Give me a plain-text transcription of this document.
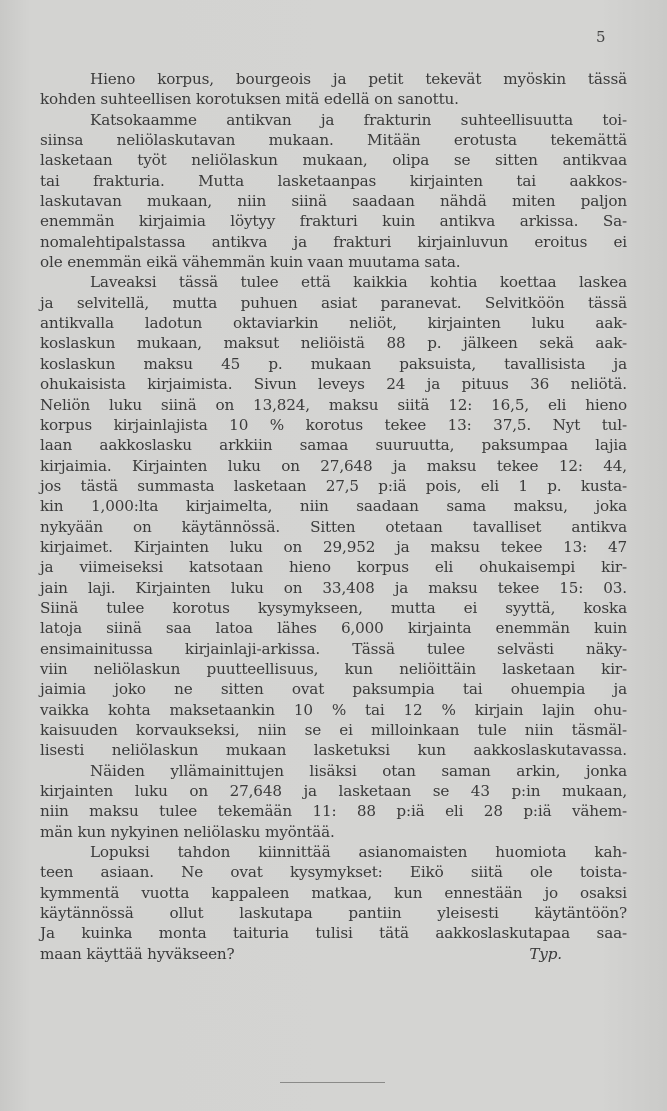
5
Hieno korpus, bourgeois ja petit tekevät myöskin tässä
kohden suhteellisen korotuksen mitä edellä on sanottu.
Katsokaamme antikvan ja frakturin suhteellisuutta toi-
siinsa neliölaskutavan mukaan. Mitään erotusta tekemättä
lasketaan työt neliölaskun mukaan, olipa se sitten antikvaa
tai frakturia. Mutta lasketaanpas kirjainten tai aakkos-
laskutavan mukaan, niin siinä saadaan nähdä miten paljon
enemmän kirjaimia löytyy frakturi kuin antikva arkissa. Sa-
nomalehtipalstassa antikva ja frakturi kirjainluvun eroitus ei
ole enemmän eikä vähemmän kuin vaan muutama sata.
Laveaksi tässä tulee että kaikkia kohtia koettaa laskea
ja selvitellä, mutta puhuen asiat paranevat. Selvitköön tässä
antikvalla ladotun oktaviarkin neliöt, kirjainten luku aak-
koslaskun mukaan, maksut neliöistä 88 p. jälkeen sekä aak-
koslaskun maksu 45 p. mukaan paksuista, tavallisista ja
ohukaisista kirjaimista. Sivun leveys 24 ja pituus 36 neliötä.
Neliön luku siinä on 13,824, maksu siitä 12: 16,5, eli hieno
korpus kirjainlajista 10 % korotus tekee 13: 37,5. Nyt tul-
laan aakkoslasku arkkiin samaa suuruutta, paksumpaa lajia
kirjaimia. Kirjainten luku on 27,648 ja maksu tekee 12: 44,
jos tästä summasta lasketaan 27,5 p:iä pois, eli 1 p. kusta-
kin 1,000:lta kirjaimelta, niin saadaan sama maksu, joka
nykyään on käytännössä. Sitten otetaan tavalliset antikva
kirjaimet. Kirjainten luku on 29,952 ja maksu tekee 13: 47
ja viimeiseksi katsotaan hieno korpus eli ohukaisempi kir-
jain laji. Kirjainten luku on 33,408 ja maksu tekee 15: 03.
Siinä tulee korotus kysymykseen, mutta ei syyttä, koska
latoja siinä saa latoa lähes 6,000 kirjainta enemmän kuin
ensimainitussa kirjainlaji-arkissa. Tässä tulee selvästi näky-
viin neliölaskun puutteellisuus, kun neliöittäin lasketaan kir-
jaimia joko ne sitten ovat paksumpia tai ohuempia ja
vaikka kohta maksetaankin 10 % tai 12 % kirjain lajin ohu-
kaisuuden korvaukseksi, niin se ei milloinkaan tule niin täsmäl-
lisesti neliölaskun mukaan lasketuksi kun aakkoslaskutavassa.
Näiden yllämainittujen lisäksi otan saman arkin, jonka
kirjainten luku on 27,648 ja lasketaan se 43 p:in mukaan,
niin maksu tulee tekemään 11: 88 p:iä eli 28 p:iä vähem-
män kun nykyinen neliölasku myöntää.
Lopuksi tahdon kiinnittää asianomaisten huomiota kah-
teen asiaan. Ne ovat kysymykset: Eikö siitä ole toista-
kymmentä vuotta kappaleen matkaa, kun ennestään jo osaksi
käytännössä ollut laskutapa pantiin yleisesti käytäntöön?
Ja kuinka monta taituria tulisi tätä aakkoslaskutapaa saa-
maan käyttää hyväkseen?	Typ.
